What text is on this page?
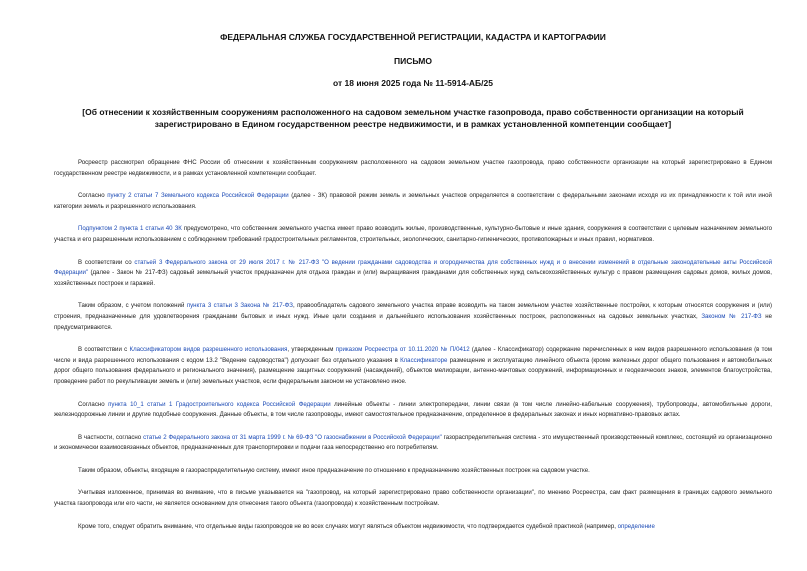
ФЕДЕРАЛЬНАЯ СЛУЖБА ГОСУДАРСТВЕННОЙ РЕГИСТРАЦИИ, КАДАСТРА И КАРТОГРАФИИ
ПИСЬМО
от 18 июня 2025 года № 11-5914-АБ/25
[Об отнесении к хозяйственным сооружениям расположенного на садовом земельном участке газопровода, право собственности организации на который зарегистрировано в Едином государственном реестре недвижимости, и в рамках установленной компетенции сообщает]

Росреестр рассмотрел обращение ФНС России об отнесении к хозяйственным сооружениям расположенного на садовом земельном участке газопровода, право собственности организации на который зарегистрировано в Едином государственном реестре недвижимости, и в рамках установленной компетенции сообщает.

Согласно пункту 2 статьи 7 Земельного кодекса Российской Федерации (далее - ЗК) правовой режим земель и земельных участков определяется в соответствии с федеральными законами исходя из их принадлежности к той или иной категории земель и разрешенного использования.

Подпунктом 2 пункта 1 статьи 40 ЗК предусмотрено, что собственник земельного участка имеет право возводить жилые, производственные, культурно-бытовые и иные здания, сооружения в соответствии с целевым назначением земельного участка и его разрешенным использованием с соблюдением требований градостроительных регламентов, строительных, экологических, санитарно-гигиенических, противопожарных и иных правил, нормативов.

В соответствии со статьей 3 Федерального закона от 29 июля 2017 г. № 217-ФЗ "О ведении гражданами садоводства и огородничества для собственных нужд и о внесении изменений в отдельные законодательные акты Российской Федерации" (далее - Закон № 217-ФЗ) садовый земельный участок предназначен для отдыха граждан и (или) выращивания гражданами для собственных нужд сельскохозяйственных культур с правом размещения садовых домов, жилых домов, хозяйственных построек и гаражей.

Таким образом, с учетом положений пункта 3 статьи 3 Закона № 217-ФЗ, правообладатель садового земельного участка вправе возводить на таком земельном участке хозяйственные постройки, к которым относятся сооружения и (или) строения, предназначенные для удовлетворения гражданами бытовых и иных нужд. Иные цели создания и дальнейшего использования хозяйственных построек, расположенных на садовых земельных участках, Законом № 217-ФЗ не предусматриваются.

В соответствии с Классификатором видов разрешенного использования, утвержденным приказом Росреестра от 10.11.2020 № П/0412 (далее - Классификатор) содержание перечисленных в нем видов разрешенного использования (в том числе и вида разрешенного использования с кодом 13.2 "Ведение садоводства") допускает без отдельного указания в Классификаторе размещение и эксплуатацию линейного объекта (кроме железных дорог общего пользования и автомобильных дорог общего пользования федерального и регионального значения), размещение защитных сооружений (насаждений), объектов мелиорации, антенно-мачтовых сооружений, информационных и геодезических знаков, элементов благоустройства, проведение работ по рекультивации земель и (или) земельных участков, если федеральным законом не установлено иное.

Согласно пункта 10_1 статьи 1 Градостроительного кодекса Российской Федерации линейные объекты - линии электропередачи, линии связи (в том числе линейно-кабельные сооружения), трубопроводы, автомобильные дороги, железнодорожные линии и другие подобные сооружения. Данные объекты, в том числе газопроводы, имеют самостоятельное предназначение, определенное в федеральных законах и иных нормативно-правовых актах.

В частности, согласно статье 2 Федерального закона от 31 марта 1999 г. № 69-ФЗ "О газоснабжении в Российской Федерации" газораспределительная система - это имущественный производственный комплекс, состоящий из организационно и экономически взаимосвязанных объектов, предназначенных для транспортировки и подачи газа непосредственно его потребителям.

Таким образом, объекты, входящие в газораспределительную систему, имеют иное предназначение по отношению к предназначению хозяйственных построек на садовом участке.

Учитывая изложенное, принимая во внимание, что в письме указывается на "газопровод, на который зарегистрировано право собственности организации", по мнению Росреестра, сам факт размещения в границах садового земельного участка газопровода или его части, не является основанием для отнесения такого объекта (газопровода) к хозяйственным постройкам.

Кроме того, следует обратить внимание, что отдельные виды газопроводов не во всех случаях могут являться объектом недвижимости, что подтверждается судебной практикой (например, определение
